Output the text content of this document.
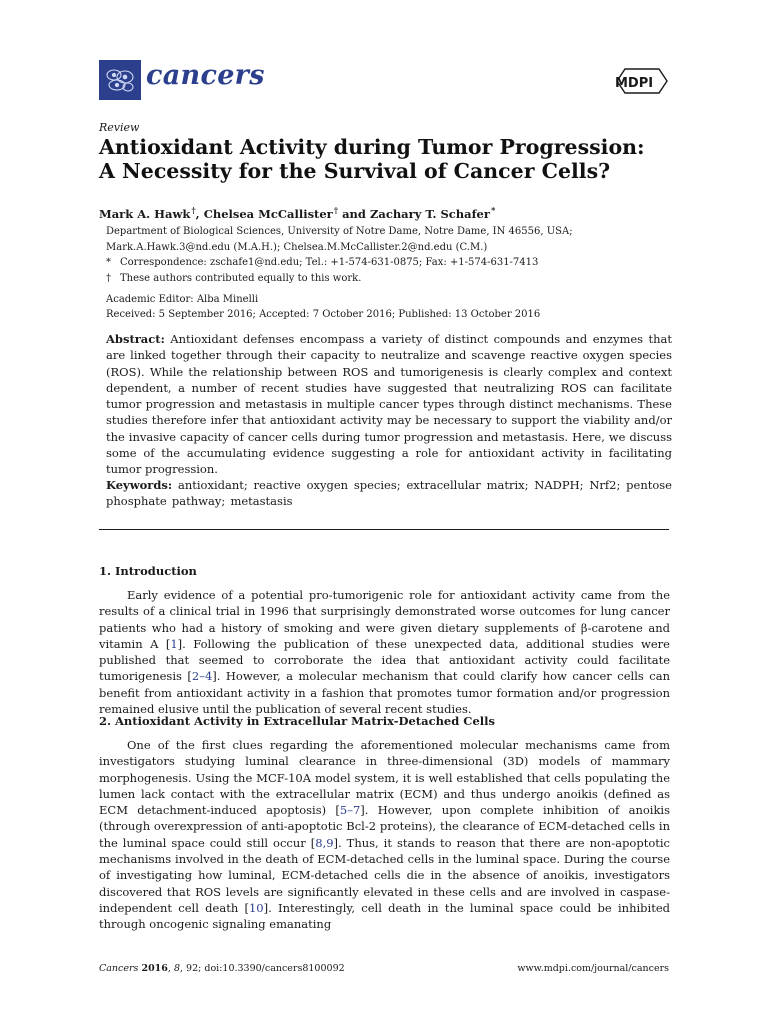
cancers	MDPI
Review
Antioxidant Activity during Tumor Progression:
A Necessity for the Survival of Cancer Cells?
Mark A. Hawk †, Chelsea McCallister † and Zachary T. Schafer *
Department of Biological Sciences, University of Notre Dame, Notre Dame, IN 46556, USA;
Mark.A.Hawk.3@nd.edu (M.A.H.); Chelsea.M.McCallister.2@nd.edu (C.M.)
* Correspondence: zschafe1@nd.edu; Tel.: +1-574-631-0875; Fax: +1-574-631-7413
† These authors contributed equally to this work.
Academic Editor: Alba Minelli
Received: 5 September 2016; Accepted: 7 October 2016; Published: 13 October 2016
Abstract: Antioxidant defenses encompass a variety of distinct compounds and enzymes that are linked together through their capacity to neutralize and scavenge reactive oxygen species (ROS). While the relationship between ROS and tumorigenesis is clearly complex and context dependent, a number of recent studies have suggested that neutralizing ROS can facilitate tumor progression and metastasis in multiple cancer types through distinct mechanisms. These studies therefore infer that antioxidant activity may be necessary to support the viability and/or the invasive capacity of cancer cells during tumor progression and metastasis. Here, we discuss some of the accumulating evidence suggesting a role for antioxidant activity in facilitating tumor progression.
Keywords: antioxidant; reactive oxygen species; extracellular matrix; NADPH; Nrf2; pentose phosphate pathway; metastasis
1. Introduction

Early evidence of a potential pro-tumorigenic role for antioxidant activity came from the results of a clinical trial in 1996 that surprisingly demonstrated worse outcomes for lung cancer patients who had a history of smoking and were given dietary supplements of β-carotene and vitamin A [1]. Following the publication of these unexpected data, additional studies were published that seemed to corroborate the idea that antioxidant activity could facilitate tumorigenesis [2–4]. However, a molecular mechanism that could clarify how cancer cells can benefit from antioxidant activity in a fashion that promotes tumor formation and/or progression remained elusive until the publication of several recent studies.

2. Antioxidant Activity in Extracellular Matrix-Detached Cells

One of the first clues regarding the aforementioned molecular mechanisms came from investigators studying luminal clearance in three-dimensional (3D) models of mammary morphogenesis. Using the MCF-10A model system, it is well established that cells populating the lumen lack contact with the extracellular matrix (ECM) and thus undergo anoikis (defined as ECM detachment-induced apoptosis) [5–7]. However, upon complete inhibition of anoikis (through overexpression of anti-apoptotic Bcl-2 proteins), the clearance of ECM-detached cells in the luminal space could still occur [8,9]. Thus, it stands to reason that there are non-apoptotic mechanisms involved in the death of ECM-detached cells in the luminal space. During the course of investigating how luminal, ECM-detached cells die in the absence of anoikis, investigators discovered that ROS levels are significantly elevated in these cells and are involved in caspase-independent cell death [10]. Interestingly, cell death in the luminal space could be inhibited through oncogenic signaling emanating

Cancers 2016, 8, 92; doi:10.3390/cancers8100092	www.mdpi.com/journal/cancers
